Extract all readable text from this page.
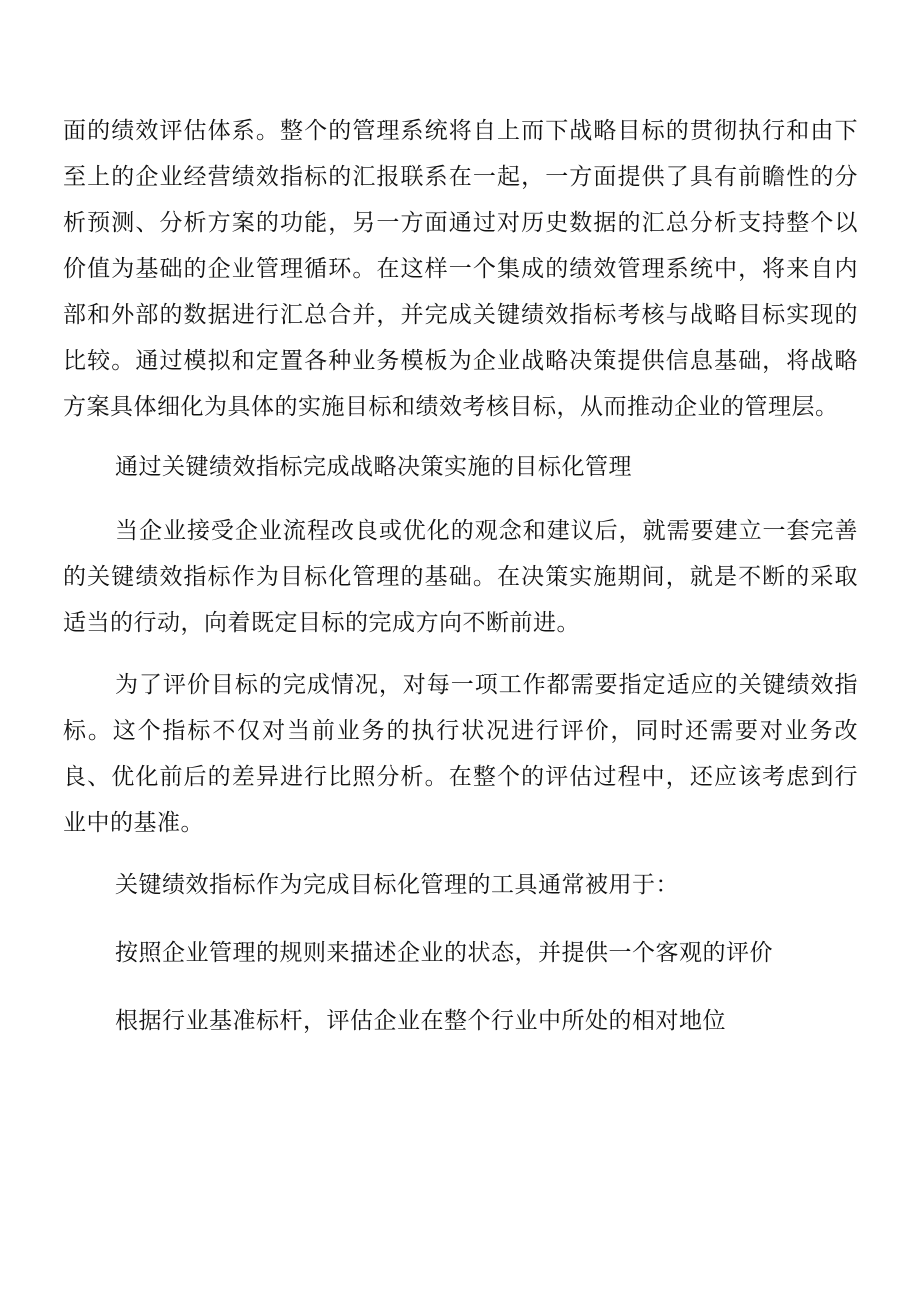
面的绩效评估体系。整个的管理系统将自上而下战略目标的贯彻执行和由下至上的企业经营绩效指标的汇报联系在一起，一方面提供了具有前瞻性的分析预测、分析方案的功能，另一方面通过对历史数据的汇总分析支持整个以价值为基础的企业管理循环。在这样一个集成的绩效管理系统中，将来自内部和外部的数据进行汇总合并，并完成关键绩效指标考核与战略目标实现的比较。通过模拟和定置各种业务模板为企业战略决策提供信息基础，将战略方案具体细化为具体的实施目标和绩效考核目标，从而推动企业的管理层。

通过关键绩效指标完成战略决策实施的目标化管理

当企业接受企业流程改良或优化的观念和建议后，就需要建立一套完善的关键绩效指标作为目标化管理的基础。在决策实施期间，就是不断的采取适当的行动，向着既定目标的完成方向不断前进。

为了评价目标的完成情况，对每一项工作都需要指定适应的关键绩效指标。这个指标不仅对当前业务的执行状况进行评价，同时还需要对业务改良、优化前后的差异进行比照分析。在整个的评估过程中，还应该考虑到行业中的基准。

关键绩效指标作为完成目标化管理的工具通常被用于：

按照企业管理的规则来描述企业的状态，并提供一个客观的评价

根据行业基准标杆，评估企业在整个行业中所处的相对地位
